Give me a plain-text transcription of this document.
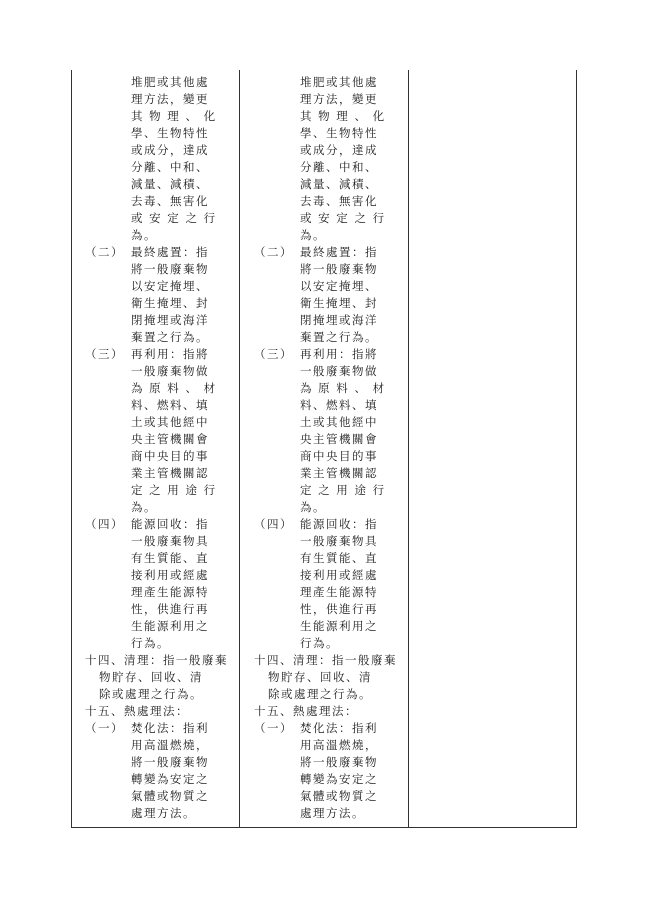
堆肥或其他處
理方法，變更
其 物 理 、 化
學、生物特性
或成分，達成
分離、中和、
減量、減積、
去毒、無害化
或 安 定 之 行
為。
（二） 最終處置：指
將一般廢棄物
以安定掩埋、
衛生掩埋、封
閉掩埋或海洋
棄置之行為。
（三） 再利用：指將
一般廢棄物做
為 原 料 、 材
料、燃料、填
土或其他經中
央主管機關會
商中央目的事
業主管機關認
定 之 用 途 行
為。
（四） 能源回收：指
一般廢棄物具
有生質能、直
接利用或經處
理產生能源特
性，供進行再
生能源利用之
行為。
十四、清理：指一般廢棄
物貯存、回收、清
除或處理之行為。
十五、熱處理法：
（一） 焚化法：指利
用高溫燃燒，
將一般廢棄物
轉變為安定之
氣體或物質之
處理方法。
堆肥或其他處
理方法，變更
其 物 理 、 化
學、生物特性
或成分，達成
分離、中和、
減量、減積、
去毒、無害化
或 安 定 之 行
為。
（二） 最終處置：指
將一般廢棄物
以安定掩埋、
衛生掩埋、封
閉掩埋或海洋
棄置之行為。
（三） 再利用：指將
一般廢棄物做
為 原 料 、 材
料、燃料、填
土或其他經中
央主管機關會
商中央目的事
業主管機關認
定 之 用 途 行
為。
（四） 能源回收：指
一般廢棄物具
有生質能、直
接利用或經處
理產生能源特
性，供進行再
生能源利用之
行為。
十四、清理：指一般廢棄
物貯存、回收、清
除或處理之行為。
十五、熱處理法：
（一） 焚化法：指利
用高溫燃燒，
將一般廢棄物
轉變為安定之
氣體或物質之
處理方法。
